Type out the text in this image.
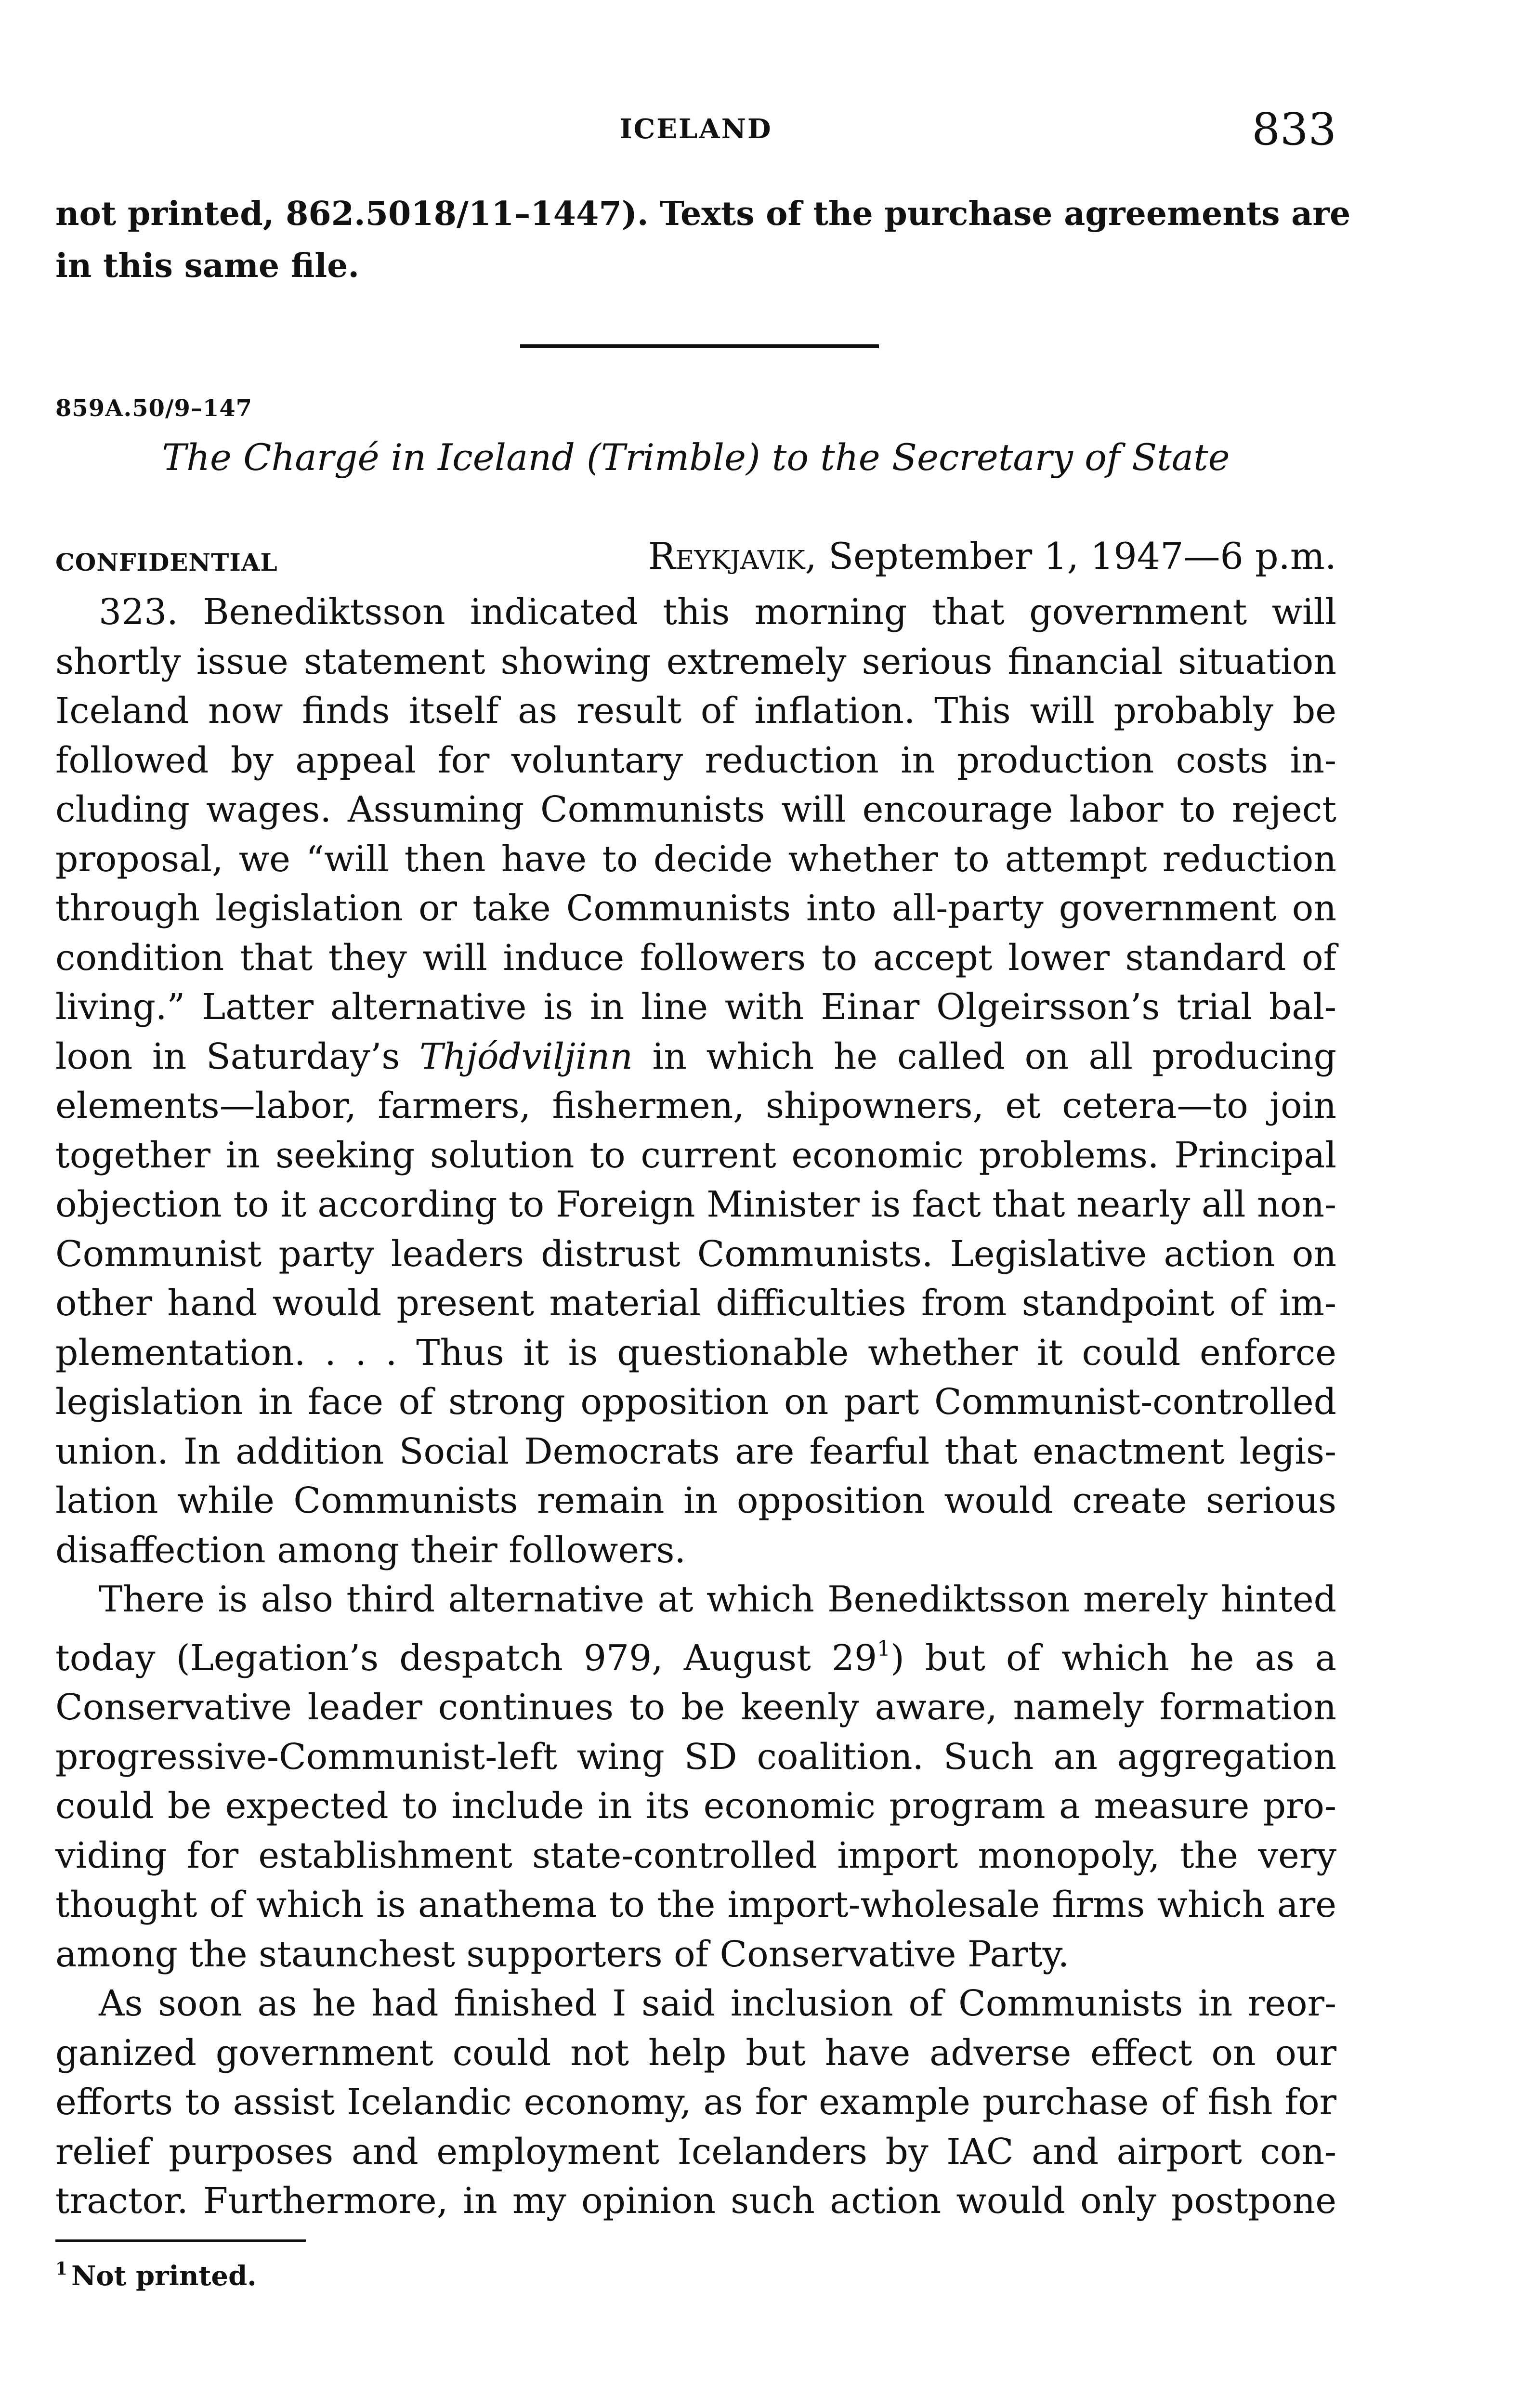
ICELAND	833
not printed, 862.5018/11–1447). Texts of the purchase agreements are
in this same file.
859A.50/9–147
The Chargé in Iceland (Trimble) to the Secretary of State
CONFIDENTIAL	Reykjavik, September 1, 1947—6 p.m.
323. Benediktsson indicated this morning that government will
shortly issue statement showing extremely serious financial situation
Iceland now finds itself as result of inflation. This will probably be
followed by appeal for voluntary reduction in production costs in-
cluding wages. Assuming Communists will encourage labor to reject
proposal, we “will then have to decide whether to attempt reduction
through legislation or take Communists into all-party government on
condition that they will induce followers to accept lower standard of
living.” Latter alternative is in line with Einar Olgeirsson’s trial bal-
loon in Saturday’s Thjódviljinn in which he called on all producing
elements—labor, farmers, fishermen, shipowners, et cetera—to join
together in seeking solution to current economic problems. Principal
objection to it according to Foreign Minister is fact that nearly all non-
Communist party leaders distrust Communists. Legislative action on
other hand would present material difficulties from standpoint of im-
plementation. . . . Thus it is questionable whether it could enforce
legislation in face of strong opposition on part Communist-controlled
union. In addition Social Democrats are fearful that enactment legis-
lation while Communists remain in opposition would create serious
disaffection among their followers.
There is also third alternative at which Benediktsson merely hinted
today (Legation’s despatch 979, August 29$^1$) but of which he as a
Conservative leader continues to be keenly aware, namely formation
progressive-Communist-left wing SD coalition. Such an aggregation
could be expected to include in its economic program a measure pro-
viding for establishment state-controlled import monopoly, the very
thought of which is anathema to the import-wholesale firms which are
among the staunchest supporters of Conservative Party.
As soon as he had finished I said inclusion of Communists in reor-
ganized government could not help but have adverse effect on our
efforts to assist Icelandic economy, as for example purchase of fish for
relief purposes and employment Icelanders by IAC and airport con-
tractor. Furthermore, in my opinion such action would only postpone
$^1$ Not printed.
